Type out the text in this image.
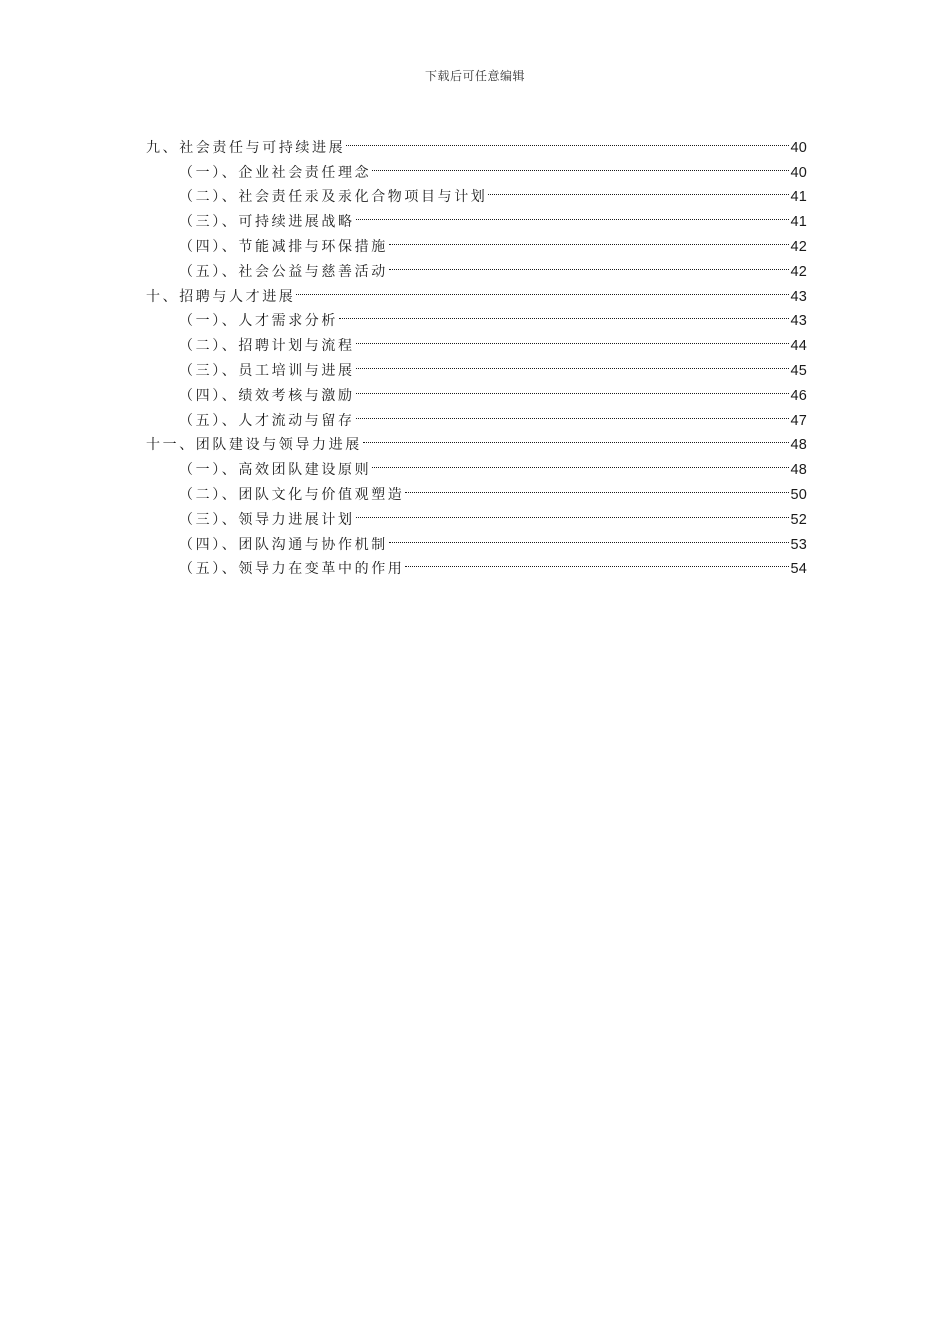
下载后可任意编辑
九、社会责任与可持续进展	40
（一）、企业社会责任理念	40
（二）、社会责任汞及汞化合物项目与计划	41
（三）、可持续进展战略	41
（四）、节能减排与环保措施	42
（五）、社会公益与慈善活动	42
十、招聘与人才进展	43
（一）、人才需求分析	43
（二）、招聘计划与流程	44
（三）、员工培训与进展	45
（四）、绩效考核与激励	46
（五）、人才流动与留存	47
十一、团队建设与领导力进展	48
（一）、高效团队建设原则	48
（二）、团队文化与价值观塑造	50
（三）、领导力进展计划	52
（四）、团队沟通与协作机制	53
（五）、领导力在变革中的作用	54
